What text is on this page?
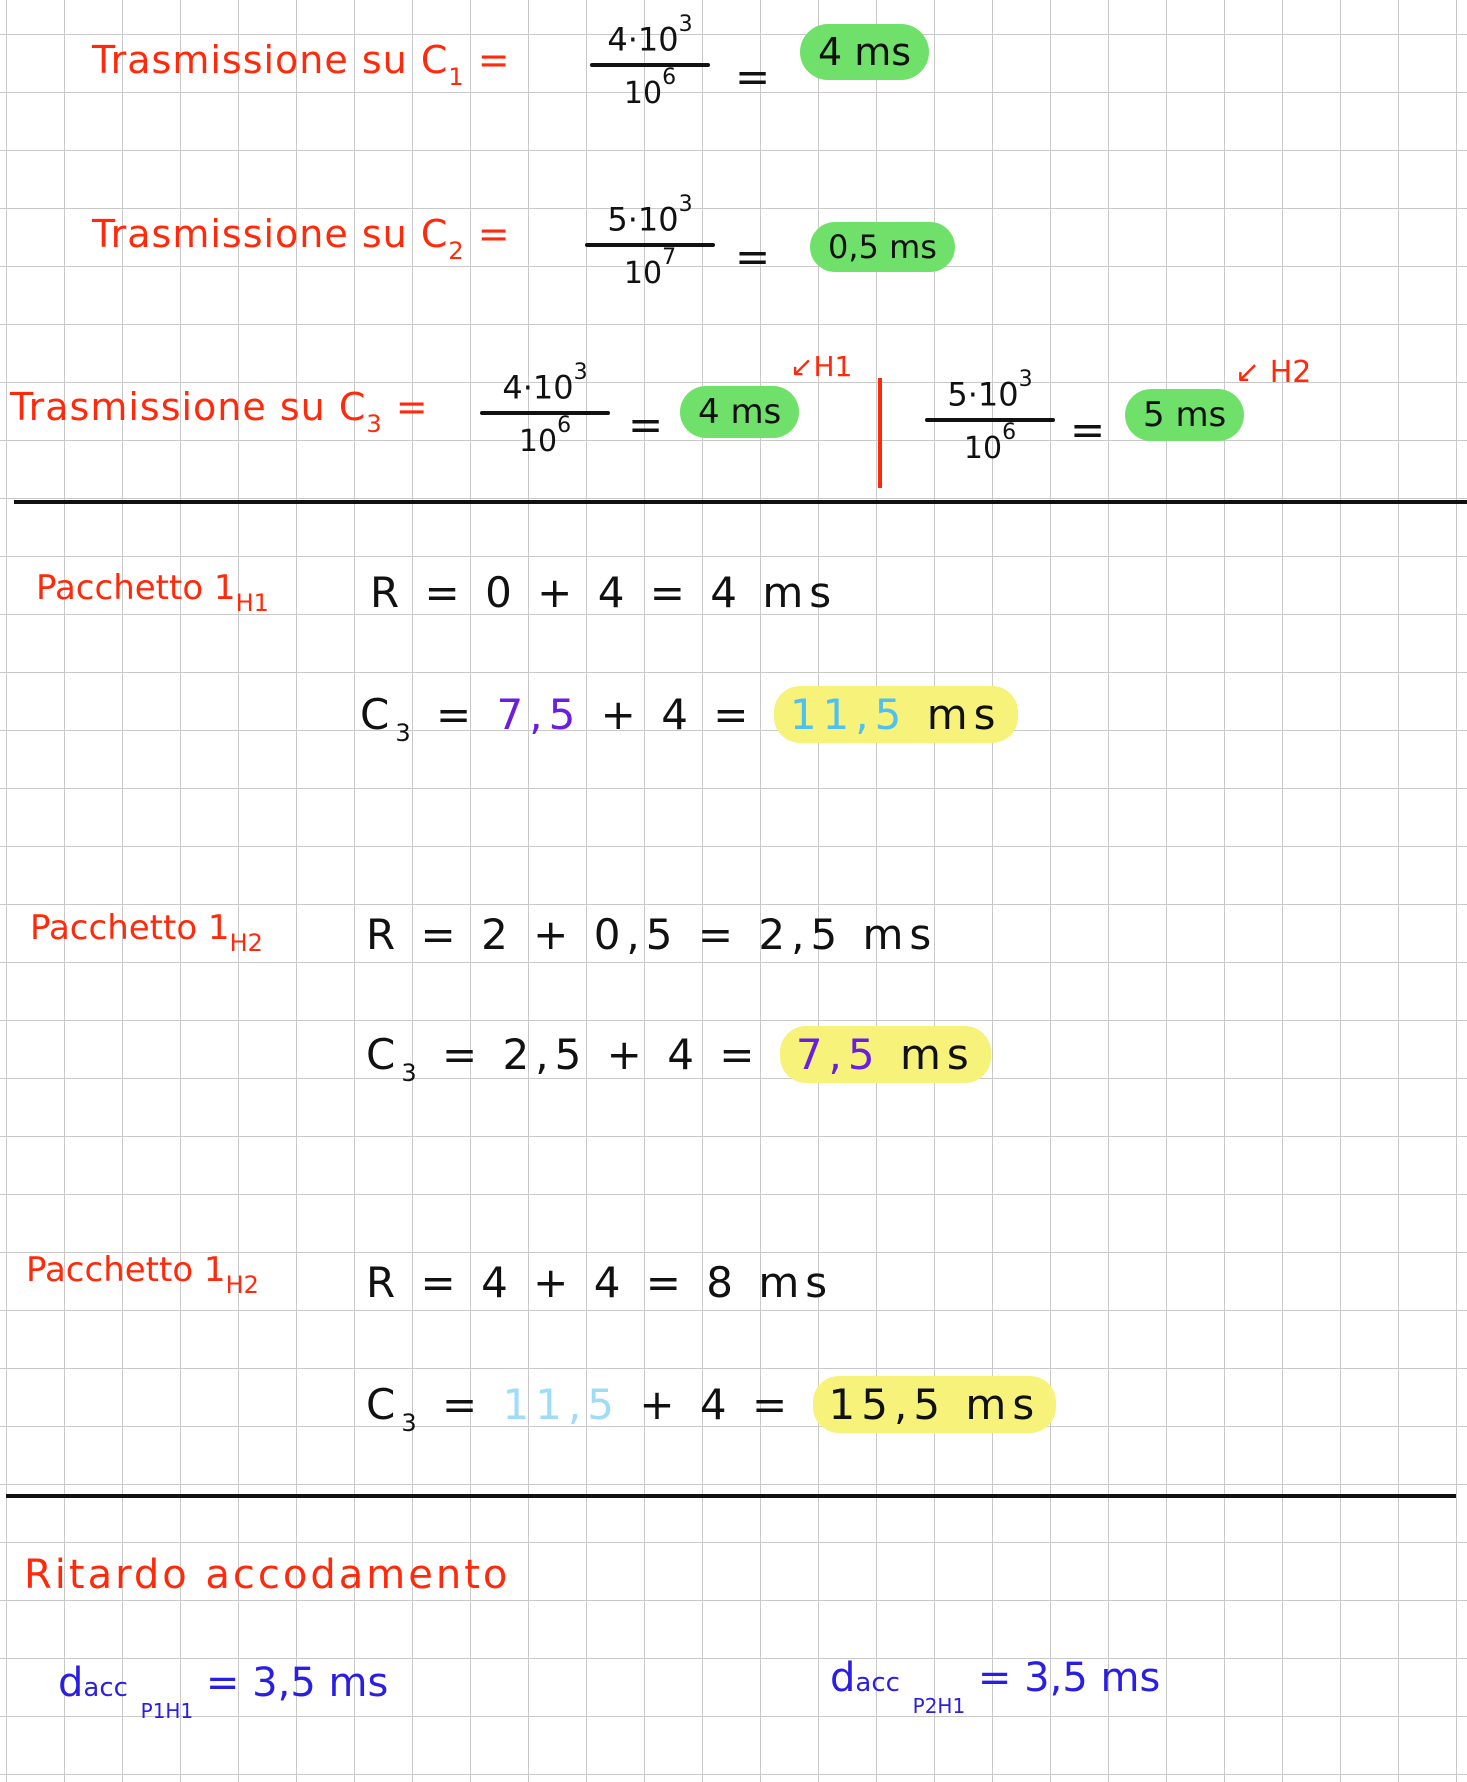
Trasmissione su $C_1$ =	$4\cdot 10^3$
$10^6$	=	4 ms
Trasmissione su $C_2$ =	$5\cdot 10^3$
$10^7$	=	0,5 ms
Trasmissione su $C_3$ =	$4\cdot 10^3$
$10^6$	= 4 ms
↙H1
$5\cdot 10^3$
$10^6$	= 5 ms
↙ H2
Pacchetto $1_{H1}$ R = 0 + 4 = 4 ms
$C_3 = 7,5 + 4 = 11,5$ ms
Pacchetto $1_{H2}$ R = 2 + 0,5 = 2,5 ms
$C_3 = 2,5 + 4 = 7,5$ ms
Pacchetto $1_{H2}$	R = 4 + 4 = 8 ms
$C_3 = 11,5 + 4 = 15,5$ ms
Ritardo accodamento
dacc $_{P1H1}$ = 3,5 ms	dacc $_{P2H1}$ = 3,5 ms
